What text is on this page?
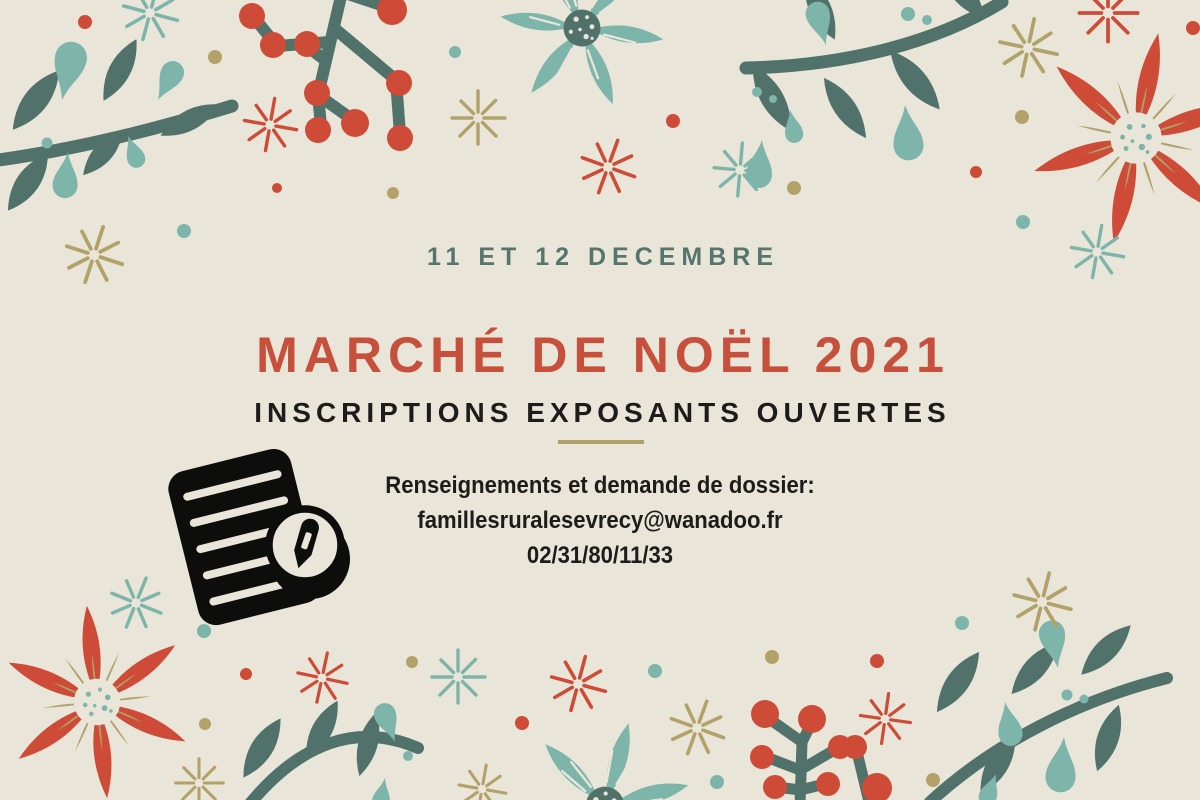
11 ET 12 DECEMBRE
MARCHÉ DE NOËL 2021
INSCRIPTIONS EXPOSANTS OUVERTES
Renseignements et demande de dossier:
famillesruralesevrecy@wanadoo.fr
02/31/80/11/33
